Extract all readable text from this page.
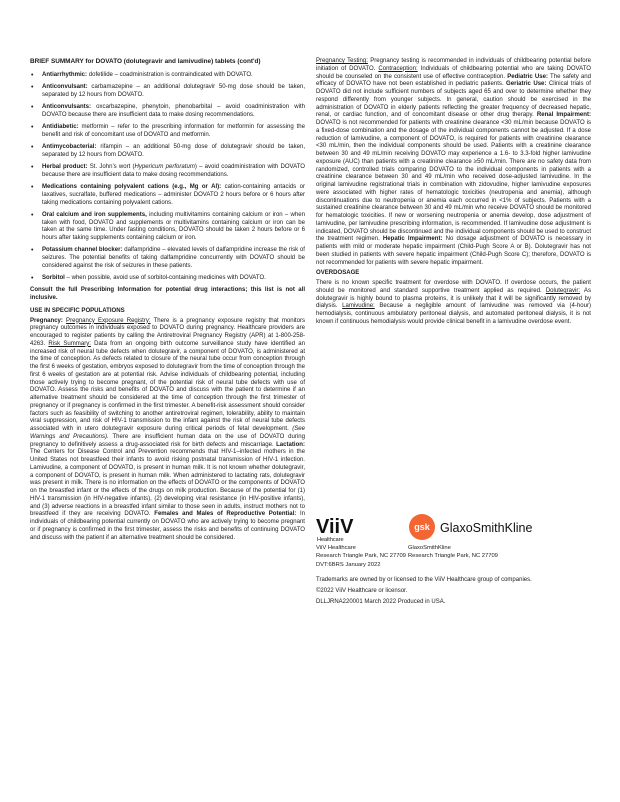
BRIEF SUMMARY for DOVATO (dolutegravir and lamivudine) tablets (cont'd)
• Antiarrhythmic: dofetilide – coadministration is contraindicated with DOVATO.
• Anticonvulsant: carbamazepine – an additional dolutegravir 50-mg dose should be taken, separated by 12 hours from DOVATO.
• Anticonvulsants: oxcarbazepine, phenytoin, phenobarbital – avoid coadministration with DOVATO because there are insufficient data to make dosing recommendations.
• Antidiabetic: metformin – refer to the prescribing information for metformin for assessing the benefit and risk of concomitant use of DOVATO and metformin.
• Antimycobacterial: rifampin – an additional 50-mg dose of dolutegravir should be taken, separated by 12 hours from DOVATO.
• Herbal product: St. John’s wort (Hypericum perforatum) – avoid coadministration with DOVATO because there are insufficient data to make dosing recommendations.
• Medications containing polyvalent cations (e.g., Mg or Al): cation-containing antacids or laxatives, sucralfate, buffered medications – administer DOVATO 2 hours before or 6 hours after taking medications containing polyvalent cations.
• Oral calcium and iron supplements, including multivitamins containing calcium or iron – when taken with food, DOVATO and supplements or multivitamins containing calcium or iron can be taken at the same time. Under fasting conditions, DOVATO should be taken 2 hours before or 6 hours after taking supplements containing calcium or iron.
• Potassium channel blocker: dalfampridine – elevated levels of dalfampridine increase the risk of seizures. The potential benefits of taking dalfampridine concurrently with DOVATO should be considered against the risk of seizures in these patients.
• Sorbitol – when possible, avoid use of sorbitol-containing medicines with DOVATO.

Consult the full Prescribing Information for potential drug interactions; this list is not all inclusive.

USE IN SPECIFIC POPULATIONS

Pregnancy: Pregnancy Exposure Registry: There is a pregnancy exposure registry that monitors pregnancy outcomes in individuals exposed to DOVATO during pregnancy. Healthcare providers are encouraged to register patients by calling the Antiretroviral Pregnancy Registry (APR) at 1-800-258-4263. Risk Summary: Data from an ongoing birth outcome surveillance study have identified an increased risk of neural tube defects when dolutegravir, a component of DOVATO, is administered at the time of conception. As defects related to closure of the neural tube occur from conception through the first 6 weeks of gestation, embryos exposed to dolutegravir from the time of conception through the first 6 weeks of gestation are at potential risk. Advise individuals of childbearing potential, including those actively trying to become pregnant, of the potential risk of neural tube defects with use of DOVATO. Assess the risks and benefits of DOVATO and discuss with the patient to determine if an alternative treatment should be considered at the time of conception through the first trimester of pregnancy or if pregnancy is confirmed in the first trimester. A benefit-risk assessment should consider factors such as feasibility of switching to another antiretroviral regimen, tolerability, ability to maintain viral suppression, and risk of HIV-1 transmission to the infant against the risk of neural tube defects associated with in utero dolutegravir exposure during critical periods of fetal development. (See Warnings and Precautions). There are insufficient human data on the use of DOVATO during pregnancy to definitively assess a drug-associated risk for birth defects and miscarriage. Lactation: The Centers for Disease Control and Prevention recommends that HIV-1–infected mothers in the United States not breastfeed their infants to avoid risking postnatal transmission of HIV-1 infection. Lamivudine, a component of DOVATO, is present in human milk. It is not known whether dolutegravir, a component of DOVATO, is present in human milk. When administered to lactating rats, dolutegravir was present in milk. There is no information on the effects of DOVATO or the components of DOVATO on the breastfed infant or the effects of the drugs on milk production. Because of the potential for (1) HIV-1 transmission (in HIV-negative infants), (2) developing viral resistance (in HIV-positive infants), and (3) adverse reactions in a breastfed infant similar to those seen in adults, instruct mothers not to breastfeed if they are receiving DOVATO. Females and Males of Reproductive Potential: In individuals of childbearing potential currently on DOVATO who are actively trying to become pregnant or if pregnancy is confirmed in the first trimester, assess the risks and benefits of continuing DOVATO and discuss with the patient if an alternative treatment should be considered.

Pregnancy Testing: Pregnancy testing is recommended in individuals of childbearing potential before initiation of DOVATO. Contraception: Individuals of childbearing potential who are taking DOVATO should be counseled on the consistent use of effective contraception. Pediatric Use: The safety and efficacy of DOVATO have not been established in pediatric patients. Geriatric Use: Clinical trials of DOVATO did not include sufficient numbers of subjects aged 65 and over to determine whether they respond differently from younger subjects. In general, caution should be exercised in the administration of DOVATO in elderly patients reflecting the greater frequency of decreased hepatic, renal, or cardiac function, and of concomitant disease or other drug therapy. Renal Impairment: DOVATO is not recommended for patients with creatinine clearance <30 mL/min because DOVATO is a fixed-dose combination and the dosage of the individual components cannot be adjusted. If a dose reduction of lamivudine, a component of DOVATO, is required for patients with creatinine clearance <30 mL/min, then the individual components should be used. Patients with a creatinine clearance between 30 and 49 mL/min receiving DOVATO may experience a 1.6- to 3.3-fold higher lamivudine exposure (AUC) than patients with a creatinine clearance ≥50 mL/min. There are no safety data from randomized, controlled trials comparing DOVATO to the individual components in patients with a creatinine clearance between 30 and 49 mL/min who received dose-adjusted lamivudine. In the original lamivudine registrational trials in combination with zidovudine, higher lamivudine exposures were associated with higher rates of hematologic toxicities (neutropenia and anemia), although discontinuations due to neutropenia or anemia each occurred in <1% of subjects. Patients with a sustained creatinine clearance between 30 and 49 mL/min who receive DOVATO should be monitored for hematologic toxicities. If new or worsening neutropenia or anemia develop, dose adjustment of lamivudine, per lamivudine prescribing information, is recommended. If lamivudine dose adjustment is indicated, DOVATO should be discontinued and the individual components should be used to construct the treatment regimen. Hepatic Impairment: No dosage adjustment of DOVATO is necessary in patients with mild or moderate hepatic impairment (Child-Pugh Score A or B). Dolutegravir has not been studied in patients with severe hepatic impairment (Child-Pugh Score C); therefore, DOVATO is not recommended for patients with severe hepatic impairment.

OVERDOSAGE

There is no known specific treatment for overdose with DOVATO. If overdose occurs, the patient should be monitored and standard supportive treatment applied as required. Dolutegravir: As dolutegravir is highly bound to plasma proteins, it is unlikely that it will be significantly removed by dialysis. Lamivudine: Because a negligible amount of lamivudine was removed via (4-hour) hemodialysis, continuous ambulatory peritoneal dialysis, and automated peritoneal dialysis, it is not known if continuous hemodialysis would provide clinical benefit in a lamivudine overdose event.

ViiV
Healthcare
gsk GlaxoSmithKline
ViiV Healthcare
Research Triangle Park, NC 27709
GlaxoSmithKline
Research Triangle Park, NC 27709
DVT:6BRS January 2022
Trademarks are owned by or licensed to the ViiV Healthcare group of companies.
©2022 ViiV Healthcare or licensor.
DLLJRNA220001 March 2022 Produced in USA.
